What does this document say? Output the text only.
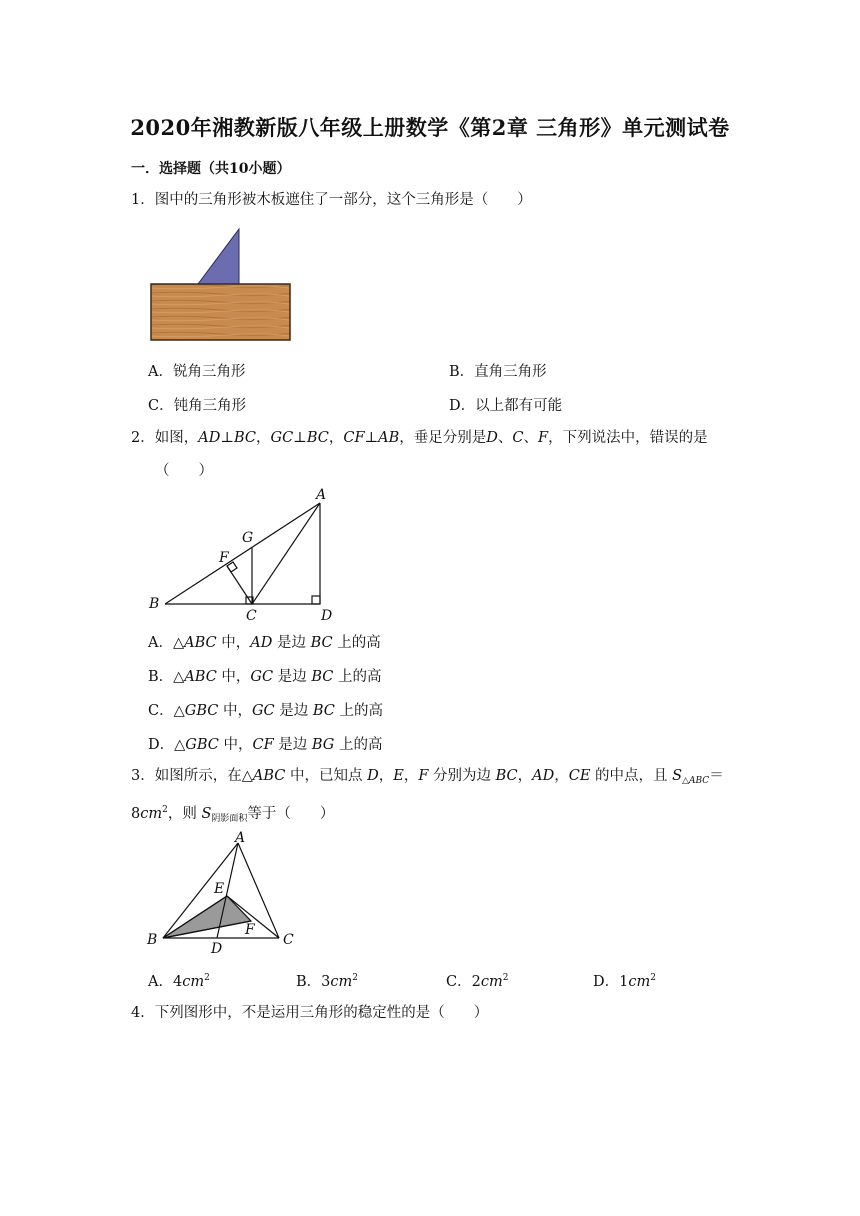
2020年湘教新版八年级上册数学《第2章 三角形》单元测试卷
一．选择题（共10小题）
1．图中的三角形被木板遮住了一部分，这个三角形是（　　）
A．锐角三角形	B．直角三角形
C．钝角三角形	D．以上都有可能
2．如图，AD⊥BC，GC⊥BC，CF⊥AB，垂足分别是D、C、F，下列说法中，错误的是
（　　）
A
G
F
B
C	D
A．△ABC 中，AD 是边 BC 上的高
B．△ABC 中，GC 是边 BC 上的高
C．△GBC 中，GC 是边 BC 上的高
D．△GBC 中，CF 是边 BG 上的高
3．如图所示，在△ABC 中，已知点 D，E，F 分别为边 BC，AD，CE 的中点，且 $S_{\triangle ABC}=$
$8cm^2$，则 $S_{阴影面积}$等于（　　）
A
E
F
B
D
C
A．$4cm^2$	B．$3cm^2$	C．$2cm^2$	D．$1cm^2$
4．下列图形中，不是运用三角形的稳定性的是（　　）
